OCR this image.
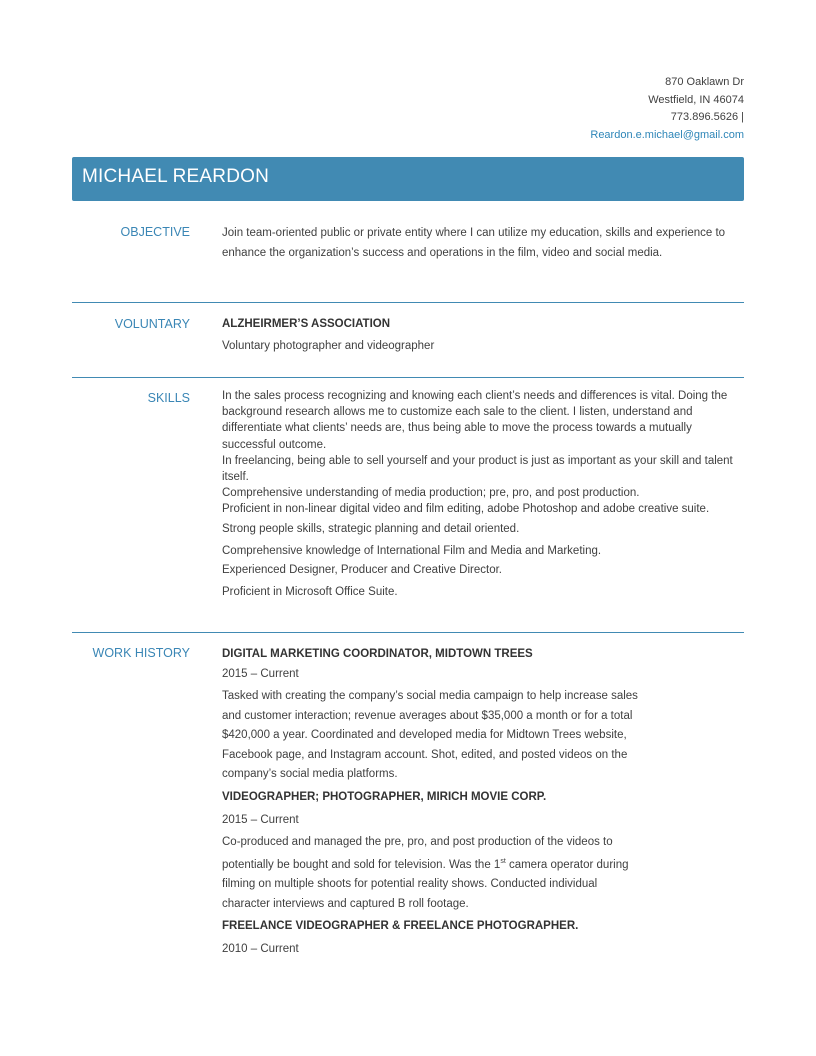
870 Oaklawn Dr
Westfield, IN 46074
773.896.5626 |
Reardon.e.michael@gmail.com
MICHAEL REARDON
OBJECTIVE	Join team-oriented public or private entity where I can utilize my education, skills and experience to enhance the organization’s success and operations in the film, video and social media.

VOLUNTARY	ALZHEIRMER’S ASSOCIATION

Voluntary photographer and videographer

SKILLS	In the sales process recognizing and knowing each client’s needs and differences is vital. Doing the background research allows me to customize each sale to the client. I listen, understand and differentiate what clients’ needs are, thus being able to move the process towards a mutually successful outcome.

In freelancing, being able to sell yourself and your product is just as important as your skill and talent itself.

Comprehensive understanding of media production; pre, pro, and post production.

Proficient in non-linear digital video and film editing, adobe Photoshop and adobe creative suite.

Strong people skills, strategic planning and detail oriented.

Comprehensive knowledge of International Film and Media and Marketing.

Experienced Designer, Producer and Creative Director.

Proficient in Microsoft Office Suite.

WORK HISTORY	DIGITAL MARKETING COORDINATOR, MIDTOWN TREES

2015 – Current

Tasked with creating the company’s social media campaign to help increase sales and customer interaction; revenue averages about $35,000 a month or for a total $420,000 a year. Coordinated and developed media for Midtown Trees website, Facebook page, and Instagram account. Shot, edited, and posted videos on the company’s social media platforms.

VIDEOGRAPHER; PHOTOGRAPHER, MIRICH MOVIE CORP.

2015 – Current

Co-produced and managed the pre, pro, and post production of the videos to potentially be bought and sold for television. Was the 1st camera operator during filming on multiple shoots for potential reality shows. Conducted individual character interviews and captured B roll footage.

FREELANCE VIDEOGRAPHER & FREELANCE PHOTOGRAPHER.

2010 – Current
